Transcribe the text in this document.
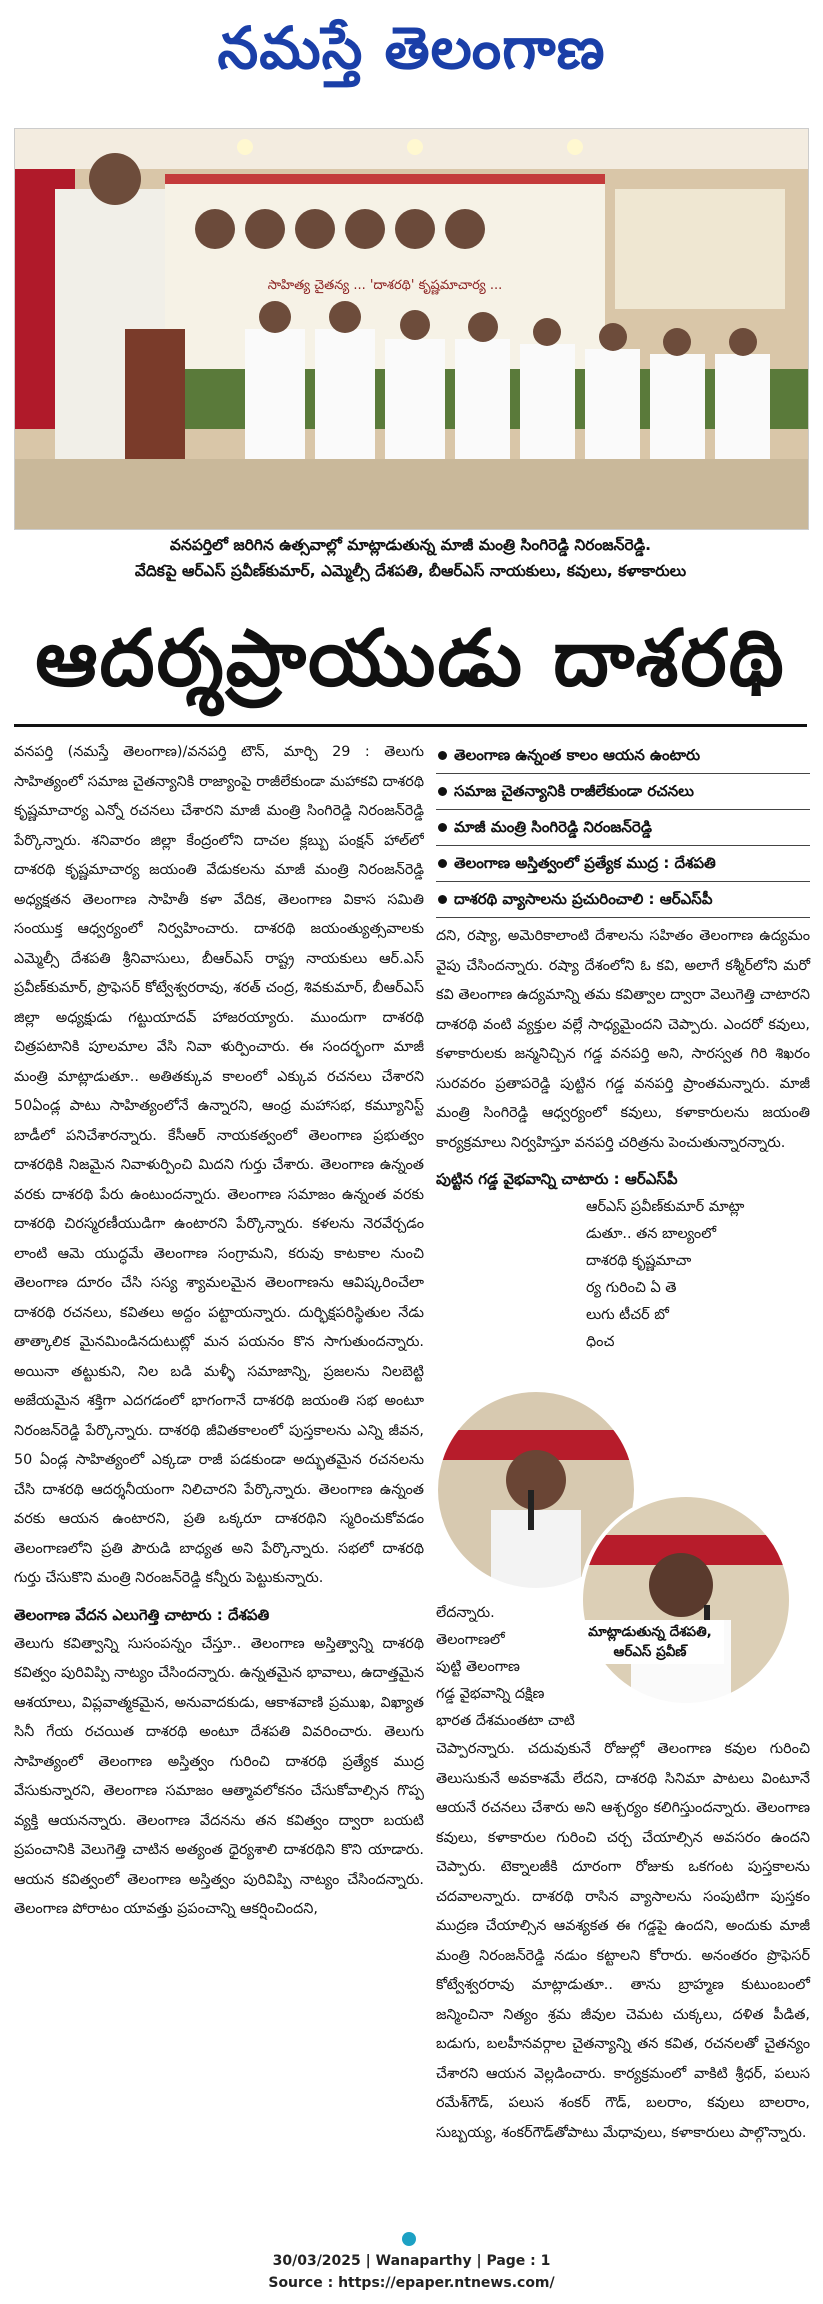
నమస్తే తెలంగాణ
సాహిత్య చైతన్య ... 'దాశరథి' కృష్ణమాచార్య ...
వనపర్తిలో జరిగిన ఉత్సవాల్లో మాట్లాడుతున్న మాజీ మంత్రి సింగిరెడ్డి నిరంజన్‌రెడ్డి.
వేదికపై ఆర్‌ఎస్ ప్రవీణ్‌కుమార్, ఎమ్మెల్సీ దేశపతి, బీఆర్‌ఎస్ నాయకులు, కవులు, కళాకారులు
ఆదర్శప్రాయుడు దాశరథి

వనపర్తి (నమస్తే తెలంగాణ)/వనపర్తి టౌన్, మార్చి 29 : తెలుగు సాహిత్యంలో సమాజ చైతన్యానికి రాజ్యాంపై రాజీలేకుండా మహాకవి దాశరథి కృష్ణమాచార్య ఎన్నో రచనలు చేశారని మాజీ మంత్రి సింగిరెడ్డి నిరంజన్‌రెడ్డి పేర్కొన్నారు. శనివారం జిల్లా కేంద్రంలోని దాచల క్లబ్బు పంక్షన్ హాల్‌లో దాశరథి కృష్ణమాచార్య జయంతి వేడుకలను మాజీ మంత్రి నిరంజన్‌రెడ్డి అధ్యక్షతన తెలంగాణ సాహితీ కళా వేదిక, తెలంగాణ వికాస సమితి సంయుక్త ఆధ్వర్యంలో నిర్వహించారు. దాశరథి జయంత్యుత్సవాలకు ఎమ్మెల్సీ దేశపతి శ్రీనివాసులు, బీఆర్‌ఎస్ రాష్ట్ర నాయకులు ఆర్.ఎస్ ప్రవీణ్‌కుమార్, ప్రొఫెసర్ కోట్వేశ్వరరావు, శరత్ చంద్ర, శివకుమార్, బీఆర్‌ఎస్ జిల్లా అధ్యక్షుడు గట్టుయాదవ్ హాజరయ్యారు. ముందుగా దాశరథి చిత్రపటానికి పూలమాల వేసి నివా ళుర్పించారు. ఈ సందర్భంగా మాజీ మంత్రి మాట్లాడుతూ.. అతితక్కువ కాలంలో ఎక్కువ రచనలు చేశారని 50ఏండ్ల పాటు సాహిత్యంలోనే ఉన్నారని, ఆంధ్ర మహాసభ, కమ్యూనిస్ట్ బాడీలో పనిచేశారన్నారు. కేసీఆర్ నాయకత్వంలో తెలంగాణ ప్రభుత్వం దాశరథికి నిజమైన నివాళుర్పించి మిదని గుర్తు చేశారు. తెలంగాణ ఉన్నంత వరకు దాశరథి పేరు ఉంటుందన్నారు. తెలంగాణ సమాజం ఉన్నంత వరకు దాశరథి చిరస్మరణీయుడిగా ఉంటారని పేర్కొన్నారు. కళలను నెరవేర్చడం లాంటి ఆమె యుద్ధమే తెలంగాణ సంగ్రామని, కరువు కాటకాల నుంచి తెలంగాణ దూరం చేసి సస్య శ్యామలమైన తెలంగాణను ఆవిష్కరించేలా దాశరథి రచనలు, కవితలు అద్దం పట్టాయన్నారు. దుర్భిక్షపరిస్థితుల నేడు తాత్కాలిక మైనమిండినదుటుట్లో మన పయనం కొన సాగుతుందన్నారు. అయినా తట్టుకుని, నిల బడి మళ్ళీ సమాజాన్ని, ప్రజలను నిలబెట్టి అజేయమైన శక్తిగా ఎదగడంలో భాగంగానే దాశరథి జయంతి సభ అంటూ నిరంజన్‌రెడ్డి పేర్కొన్నారు. దాశరథి జీవితకాలంలో పుస్తకాలను ఎన్ని జీవన, 50 ఏండ్ల సాహిత్యంలో ఎక్కడా రాజీ పడకుండా అద్భుతమైన రచనలను చేసి దాశరథి ఆదర్శనీయంగా నిలిచారని పేర్కొన్నారు. తెలంగాణ ఉన్నంత వరకు ఆయన ఉంటారని, ప్రతి ఒక్కరూ దాశరథిని స్మరించుకోవడం తెలంగాణలోని ప్రతి పౌరుడి బాధ్యత అని పేర్కొన్నారు. సభలో దాశరథి గుర్తు చేసుకొని మంత్రి నిరంజన్‌రెడ్డి కన్నీరు పెట్టుకున్నారు.

తెలంగాణ వేదన ఎలుగెత్తి చాటారు : దేశపతి

తెలుగు కవిత్వాన్ని సుసంపన్నం చేస్తూ.. తెలంగాణ అస్తిత్వాన్ని దాశరథి కవిత్వం పురివిప్పి నాట్యం చేసిందన్నారు. ఉన్నతమైన భావాలు, ఉదాత్తమైన ఆశయాలు, విప్లవాత్మకమైన, అనువాదకుడు, ఆకాశవాణి ప్రముఖ, విఖ్యాత సినీ గేయ రచయిత దాశరథి అంటూ దేశపతి వివరించారు. తెలుగు సాహిత్యంలో తెలంగాణ అస్తిత్వం గురించి దాశరథి ప్రత్యేక ముద్ర వేసుకున్నారని, తెలంగాణ సమాజం ఆత్మావలోకనం చేసుకోవాల్సిన గొప్ప వ్యక్తి ఆయనన్నారు. తెలంగాణ వేదనను తన కవిత్వం ద్వారా బయటి ప్రపంచానికి వెలుగెత్తి చాటిన అత్యంత ధైర్యశాలి దాశరథిని కొని యాడారు. ఆయన కవిత్వంలో తెలంగాణ అస్తిత్వం పురివిప్పి నాట్యం చేసిందన్నారు. తెలంగాణ పోరాటం యావత్తు ప్రపంచాన్ని ఆకర్షించిందని,

తెలంగాణ ఉన్నంత కాలం ఆయన ఉంటారు
సమాజ చైతన్యానికి రాజీలేకుండా రచనలు
మాజీ మంత్రి సింగిరెడ్డి నిరంజన్‌రెడ్డి
తెలంగాణ అస్తిత్వంలో ప్రత్యేక ముద్ర : దేశపతి
దాశరథి వ్యాసాలను ప్రచురించాలి : ఆర్‌ఎస్‌పీ

దని, రష్యా, అమెరికాలాంటి దేశాలను సహితం తెలంగాణ ఉద్యమం వైపు చేసిందన్నారు. రష్యా దేశంలోని ఓ కవి, అలాగే కశ్మీర్‌లోని మరో కవి తెలంగాణ ఉద్యమాన్ని తమ కవిత్వాల ద్వారా వెలుగెత్తి చాటారని దాశరథి వంటి వ్యక్తుల వల్లే సాధ్యమైందని చెప్పారు. ఎందరో కవులు, కళాకారులకు జన్మనిచ్చిన గడ్డ వనపర్తి అని, సారస్వత గిరి శిఖరం సురవరం ప్రతాపరెడ్డి పుట్టిన గడ్డ వనపర్తి ప్రాంతమన్నారు. మాజీ మంత్రి సింగిరెడ్డి ఆధ్వర్యంలో కవులు, కళాకారులను జయంతి కార్యక్రమాలు నిర్వహిస్తూ వనపర్తి చరిత్రను పెంచుతున్నారన్నారు.

పుట్టిన గడ్డ వైభవాన్ని చాటారు : ఆర్‌ఎస్‌పీ
ఆర్‌ఎస్ ప్రవీణ్‌కుమార్ మాట్లా
డుతూ.. తన బాల్యంలో
దాశరథి కృష్ణమాచా
ర్య గురించి ఏ తె
లుగు టీచర్ బో
ధించ
మాట్లాడుతున్న దేశపతి, ఆర్‌ఎస్ ప్రవీణ్
లేదన్నారు.
తెలంగాణలో
పుట్టి తెలంగాణ
గడ్డ వైభవాన్ని దక్షిణ
భారత దేశమంతటా చాటి

చెప్పారన్నారు. చదువుకునే రోజుల్లో తెలంగాణ కవుల గురించి తెలుసుకునే అవకాశమే లేదని, దాశరథి సినిమా పాటలు వింటూనే ఆయనే రచనలు చేశారు అని ఆశ్చర్యం కలిగిస్తుందన్నారు. తెలంగాణ కవులు, కళాకారుల గురించి చర్చ చేయాల్సిన అవసరం ఉందని చెప్పారు. టెక్నాలజీకి దూరంగా రోజుకు ఒకగంట పుస్తకాలను చదవాలన్నారు. దాశరథి రాసిన వ్యాసాలను సంపుటిగా పుస్తకం ముద్రణ చేయాల్సిన ఆవశ్యకత ఈ గడ్డపై ఉందని, అందుకు మాజీ మంత్రి నిరంజన్‌రెడ్డి నడుం కట్టాలని కోరారు. అనంతరం ప్రొఫెసర్ కోట్వేశ్వరరావు మాట్లాడుతూ.. తాను బ్రాహ్మణ కుటుంబంలో జన్మించినా నిత్యం శ్రమ జీవుల చెమట చుక్కలు, దళిత పీడిత, బడుగు, బలహీనవర్గాల చైతన్యాన్ని తన కవిత, రచనలతో చైతన్యం చేశారని ఆయన వెల్లడించారు. కార్యక్రమంలో వాకిటి శ్రీధర్, పలుస రమేశ్‌గౌడ్, పలుస శంకర్ గౌడ్, బలరాం, కవులు బాలరాం, సుబ్బయ్య, శంకర్‌గౌడ్‌తోపాటు మేధావులు, కళాకారులు పాల్గొన్నారు.

30/03/2025 | Wanaparthy | Page : 1
Source : https://epaper.ntnews.com/
